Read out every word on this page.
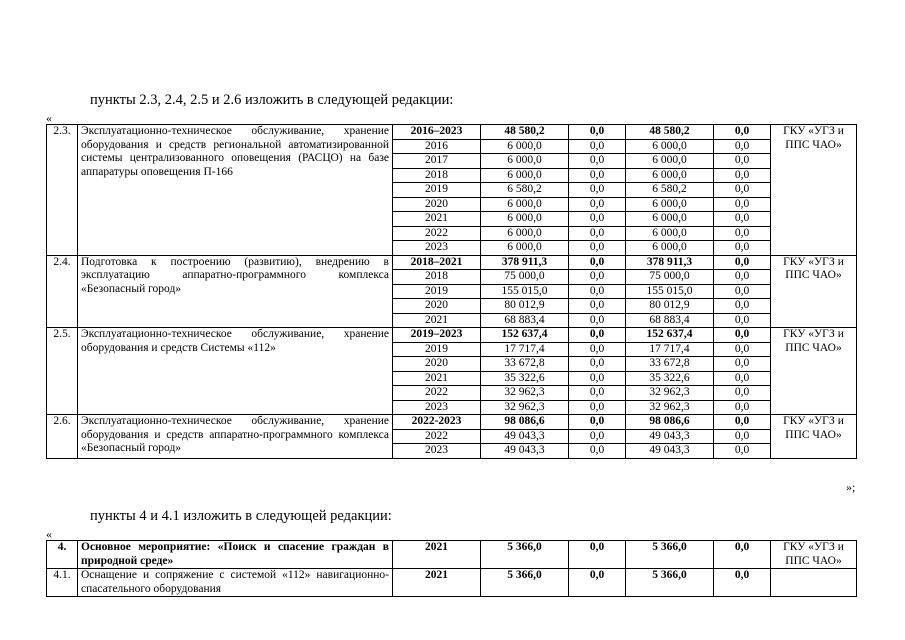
пункты 2.3, 2.4, 2.5 и 2.6 изложить в следующей редакции:
«
2.3.	Эксплуатационно-техническое обслуживание, хранение оборудования и средств региональной автоматизированной системы централизованного оповещения (РАСЦО) на базе аппаратуры оповещения П-166	2016–2023	48 580,2	0,0	48 580,2	0,0	ГКУ «УГЗ и ППС ЧАО»
		2016	6 000,0	0,0	6 000,0	0,0	
		2017	6 000,0	0,0	6 000,0	0,0	
		2018	6 000,0	0,0	6 000,0	0,0	
		2019	6 580,2	0,0	6 580,2	0,0	
		2020	6 000,0	0,0	6 000,0	0,0	
		2021	6 000,0	0,0	6 000,0	0,0	
		2022	6 000,0	0,0	6 000,0	0,0	
		2023	6 000,0	0,0	6 000,0	0,0	
2.4.	Подготовка к построению (развитию), внедрению в эксплуатацию аппаратно-программного комплекса «Безопасный город»	2018–2021	378 911,3	0,0	378 911,3	0,0	ГКУ «УГЗ и ППС ЧАО»
		2018	75 000,0	0,0	75 000,0	0,0	
		2019	155 015,0	0,0	155 015,0	0,0	
		2020	80 012,9	0,0	80 012,9	0,0	
		2021	68 883,4	0,0	68 883,4	0,0	
2.5.	Эксплуатационно-техническое обслуживание, хранение оборудования и средств Системы «112»	2019–2023	152 637,4	0,0	152 637,4	0,0	ГКУ «УГЗ и ППС ЧАО»
		2019	17 717,4	0,0	17 717,4	0,0	
		2020	33 672,8	0,0	33 672,8	0,0	
		2021	35 322,6	0,0	35 322,6	0,0	
		2022	32 962,3	0,0	32 962,3	0,0	
		2023	32 962,3	0,0	32 962,3	0,0	
2.6.	Эксплуатационно-техническое обслуживание, хранение оборудования и средств аппаратно-программного комплекса «Безопасный город»	2022-2023	98 086,6	0,0	98 086,6	0,0	ГКУ «УГЗ и ППС ЧАО»
		2022	49 043,3	0,0	49 043,3	0,0	
		2023	49 043,3	0,0	49 043,3	0,0	
»;
пункты 4 и 4.1 изложить в следующей редакции:
«
4.	Основное мероприятие: «Поиск и спасение граждан в природной среде»	2021	5 366,0	0,0	5 366,0	0,0	ГКУ «УГЗ и ППС ЧАО»
4.1.	Оснащение и сопряжение с системой «112» навигационно-спасательного оборудования	2021	5 366,0	0,0	5 366,0	0,0	
